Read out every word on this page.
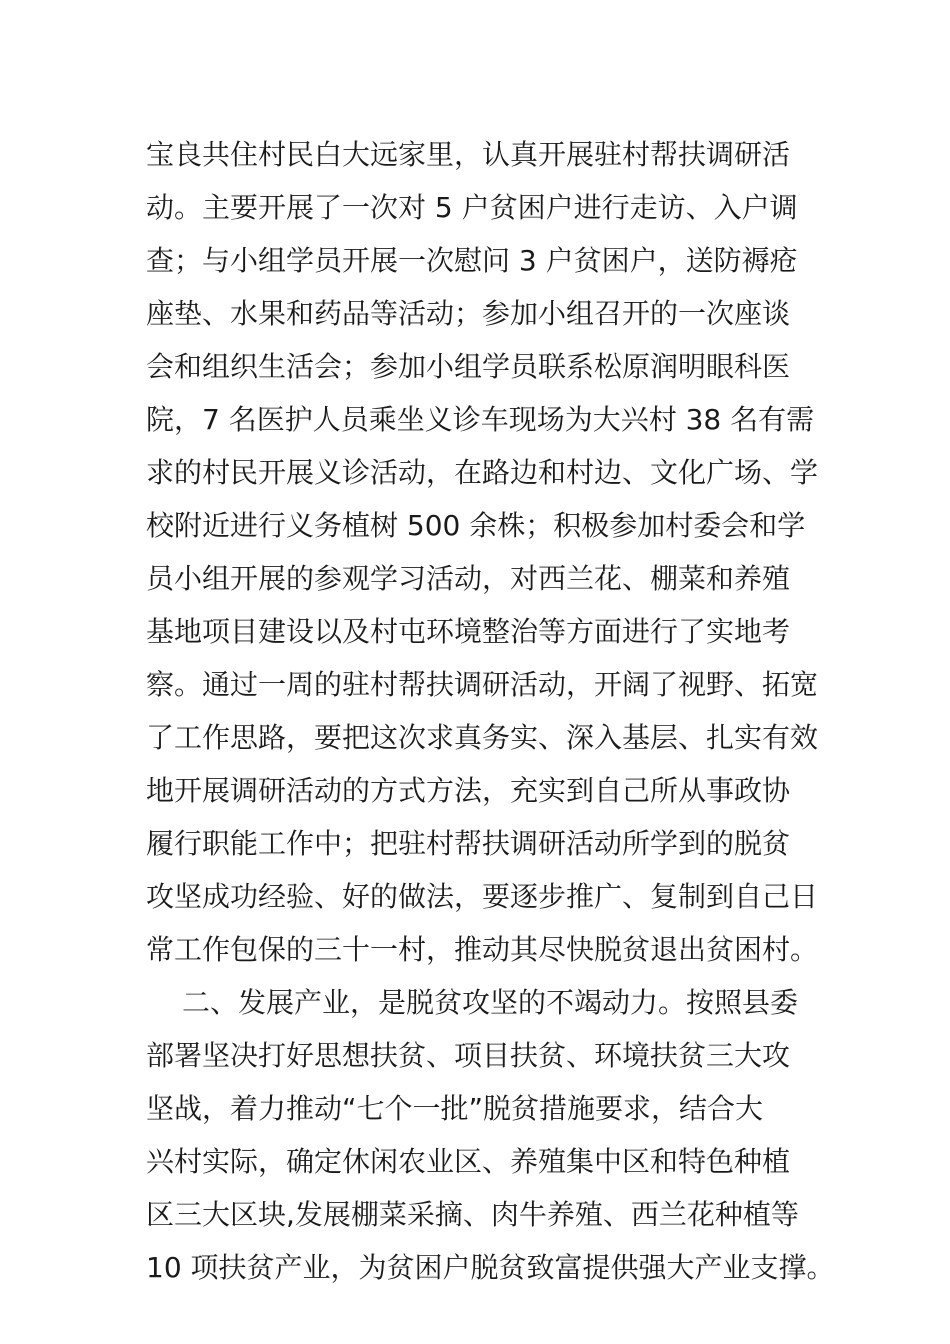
宝良共住村民白大远家里，认真开展驻村帮扶调研活
动。主要开展了一次对 5 户贫困户进行走访、入户调
查；与小组学员开展一次慰问 3 户贫困户，送防褥疮
座垫、水果和药品等活动；参加小组召开的一次座谈
会和组织生活会；参加小组学员联系松原润明眼科医
院，7 名医护人员乘坐义诊车现场为大兴村 38 名有需
求的村民开展义诊活动，在路边和村边、文化广场、学
校附近进行义务植树 500 余株；积极参加村委会和学
员小组开展的参观学习活动，对西兰花、棚菜和养殖
基地项目建设以及村屯环境整治等方面进行了实地考
察。通过一周的驻村帮扶调研活动，开阔了视野、拓宽
了工作思路，要把这次求真务实、深入基层、扎实有效
地开展调研活动的方式方法，充实到自己所从事政协
履行职能工作中；把驻村帮扶调研活动所学到的脱贫
攻坚成功经验、好的做法，要逐步推广、复制到自己日
常工作包保的三十一村，推动其尽快脱贫退出贫困村。
二、发展产业，是脱贫攻坚的不竭动力。按照县委
部署坚决打好思想扶贫、项目扶贫、环境扶贫三大攻
坚战，着力推动“七个一批”脱贫措施要求，结合大
兴村实际，确定休闲农业区、养殖集中区和特色种植
区三大区块,发展棚菜采摘、肉牛养殖、西兰花种植等
10 项扶贫产业，为贫困户脱贫致富提供强大产业支撑。
